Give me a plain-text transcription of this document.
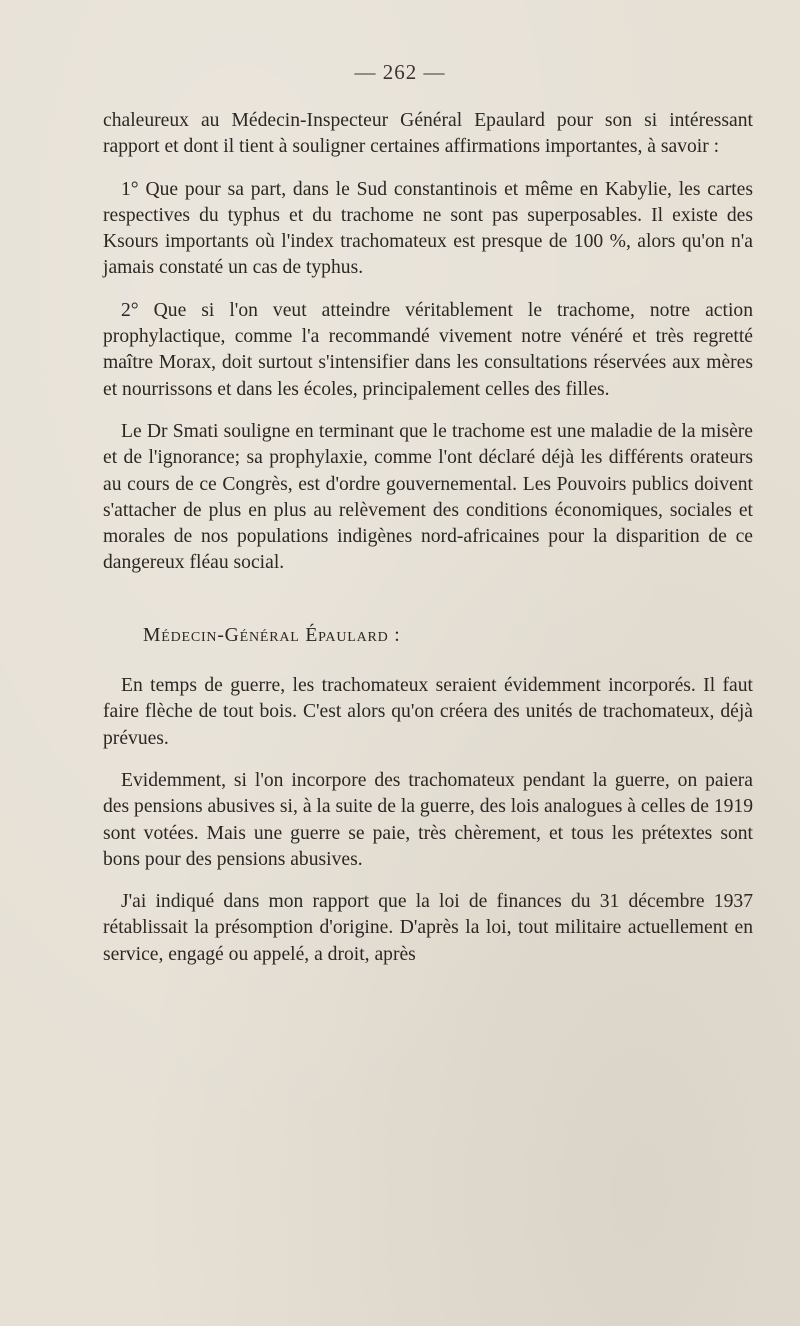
— 262 —

chaleureux au Médecin-Inspecteur Général Epaulard pour son si intéressant rapport et dont il tient à souligner certaines affirmations importantes, à savoir :

1° Que pour sa part, dans le Sud constantinois et même en Kabylie, les cartes respectives du typhus et du trachome ne sont pas superposables. Il existe des Ksours importants où l'index trachomateux est presque de 100 %, alors qu'on n'a jamais constaté un cas de typhus.

2° Que si l'on veut atteindre véritablement le trachome, notre action prophylactique, comme l'a recommandé vivement notre vénéré et très regretté maître Morax, doit surtout s'intensifier dans les consultations réservées aux mères et nourrissons et dans les écoles, principalement celles des filles.

Le Dr Smati souligne en terminant que le trachome est une maladie de la misère et de l'ignorance; sa prophylaxie, comme l'ont déclaré déjà les différents orateurs au cours de ce Congrès, est d'ordre gouvernemental. Les Pouvoirs publics doivent s'attacher de plus en plus au relèvement des conditions économiques, sociales et morales de nos populations indigènes nord-africaines pour la disparition de ce dangereux fléau social.

Médecin-Général Épaulard :

En temps de guerre, les trachomateux seraient évidemment incorporés. Il faut faire flèche de tout bois. C'est alors qu'on créera des unités de trachomateux, déjà prévues.

Evidemment, si l'on incorpore des trachomateux pendant la guerre, on paiera des pensions abusives si, à la suite de la guerre, des lois analogues à celles de 1919 sont votées. Mais une guerre se paie, très chèrement, et tous les prétextes sont bons pour des pensions abusives.

J'ai indiqué dans mon rapport que la loi de finances du 31 décembre 1937 rétablissait la présomption d'origine. D'après la loi, tout militaire actuellement en service, engagé ou appelé, a droit, après
